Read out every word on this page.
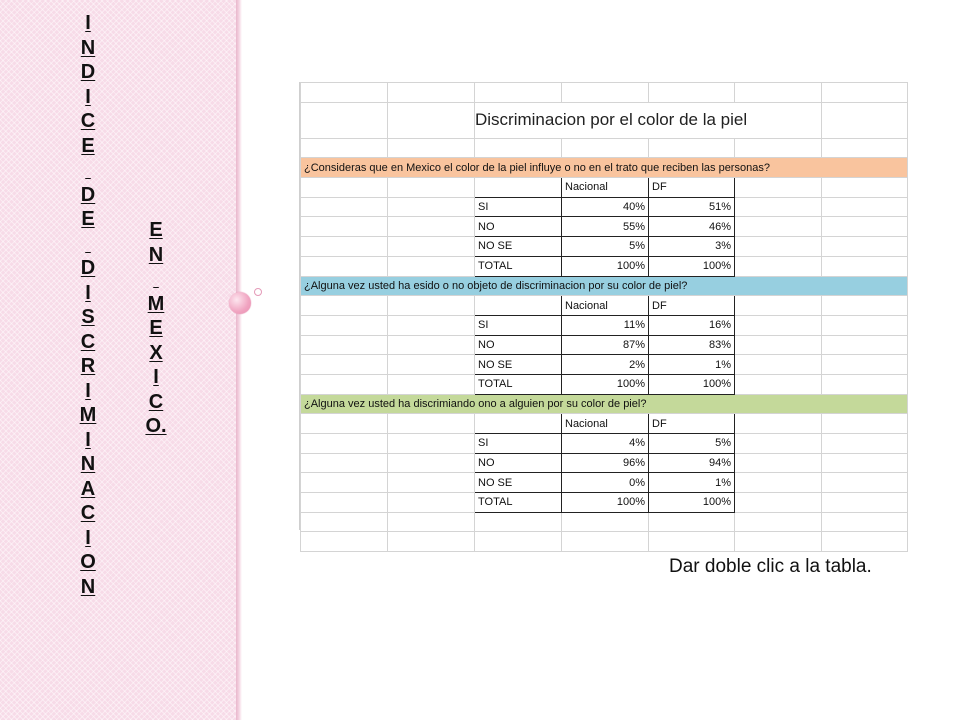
I
N
D
I
C
E

D
E

D
I
S
C
R
I
M
I
N
A
C
I
O
N
E
N

M
E
X
I
C
O.

		Discriminacion por el color de la piel				

¿Consideras que en Mexico el color de la piel influye o no en el trato que reciben las personas?						
			Nacional	DF		
		SI	40%	51%		
		NO	55%	46%		
		NO SE	5%	3%		
		TOTAL	100%	100%		
¿Alguna vez usted ha esido o no objeto de discriminacion por su color de piel?						
			Nacional	DF		
		SI	11%	16%		
		NO	87%	83%		
		NO SE	2%	1%		
		TOTAL	100%	100%		
¿Alguna vez usted ha discrimiando ono a alguien por su color de piel?						
			Nacional	DF		
		SI	4%	5%		
		NO	96%	94%		
		NO SE	0%	1%		
		TOTAL	100%	100%		

Dar doble clic a la tabla.
